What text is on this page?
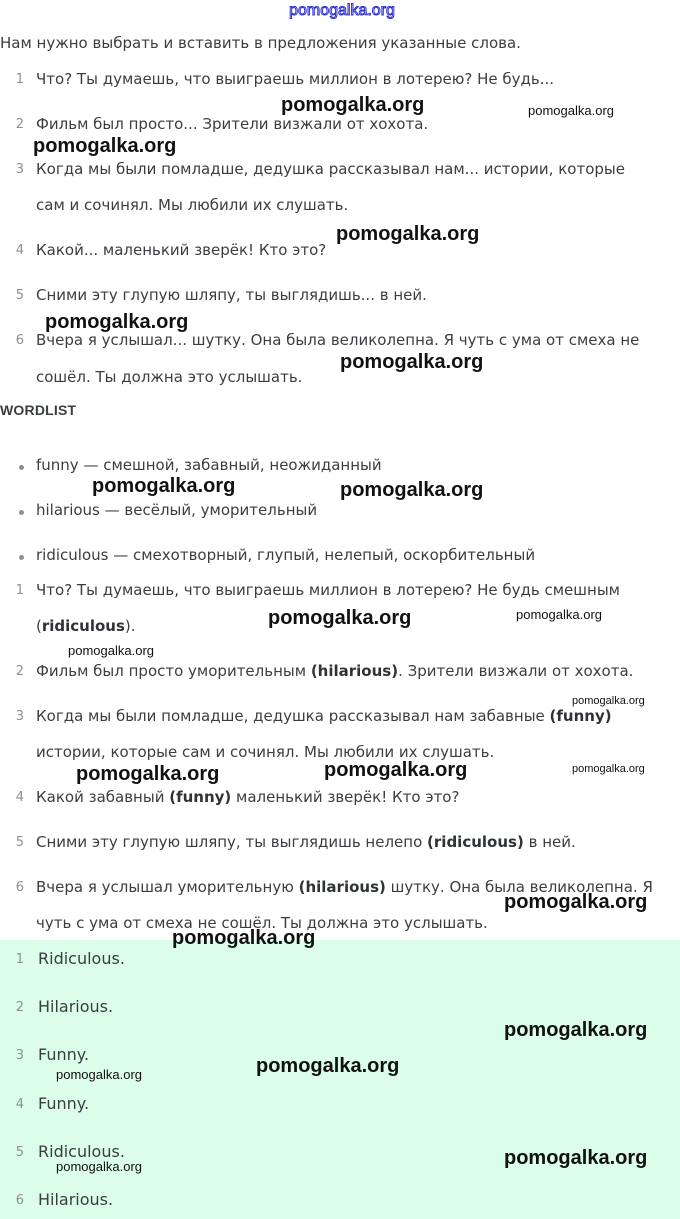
pomogalka.org
Нам нужно выбрать и вставить в предложения указанные слова.
1 Что? Ты думаешь, что выиграешь миллион в лотерею? Не будь...
2 Фильм был просто... Зрители визжали от хохота.
3 Когда мы были помладше, дедушка рассказывал нам... истории, которые
сам и сочинял. Мы любили их слушать.
4 Какой... маленький зверёк! Кто это?
5 Сними эту глупую шляпу, ты выглядишь... в ней.
6 Вчера я услышал... шутку. Она была великолепна. Я чуть с ума от смеха не
сошёл. Ты должна это услышать.
WORDLIST
funny — смешной, забавный, неожиданный
hilarious — весёлый, уморительный
ridiculous — смехотворный, глупый, нелепый, оскорбительный
1 Что? Ты думаешь, что выиграешь миллион в лотерею? Не будь смешным
(ridiculous).
2 Фильм был просто уморительным (hilarious). Зрители визжали от хохота.
3 Когда мы были помладше, дедушка рассказывал нам забавные (funny)
истории, которые сам и сочинял. Мы любили их слушать.
4 Какой забавный (funny) маленький зверёк! Кто это?
5 Сними эту глупую шляпу, ты выглядишь нелепо (ridiculous) в ней.
6 Вчера я услышал уморительную (hilarious) шутку. Она была великолепна. Я
чуть с ума от смеха не сошёл. Ты должна это услышать.
1 Ridiculous.
2 Hilarious.
3 Funny.
4 Funny.
5 Ridiculous.
6 Hilarious.
pomogalka.org	pomogalka.org
pomogalka.org
pomogalka.org
pomogalka.org
pomogalka.org
pomogalka.org	pomogalka.org
pomogalka.org	pomogalka.org
pomogalka.org
pomogalka.org
pomogalka.org	pomogalka.org	pomogalka.org
pomogalka.org
pomogalka.org
pomogalka.org
pomogalka.org
pomogalka.org
pomogalka.org
pomogalka.org
